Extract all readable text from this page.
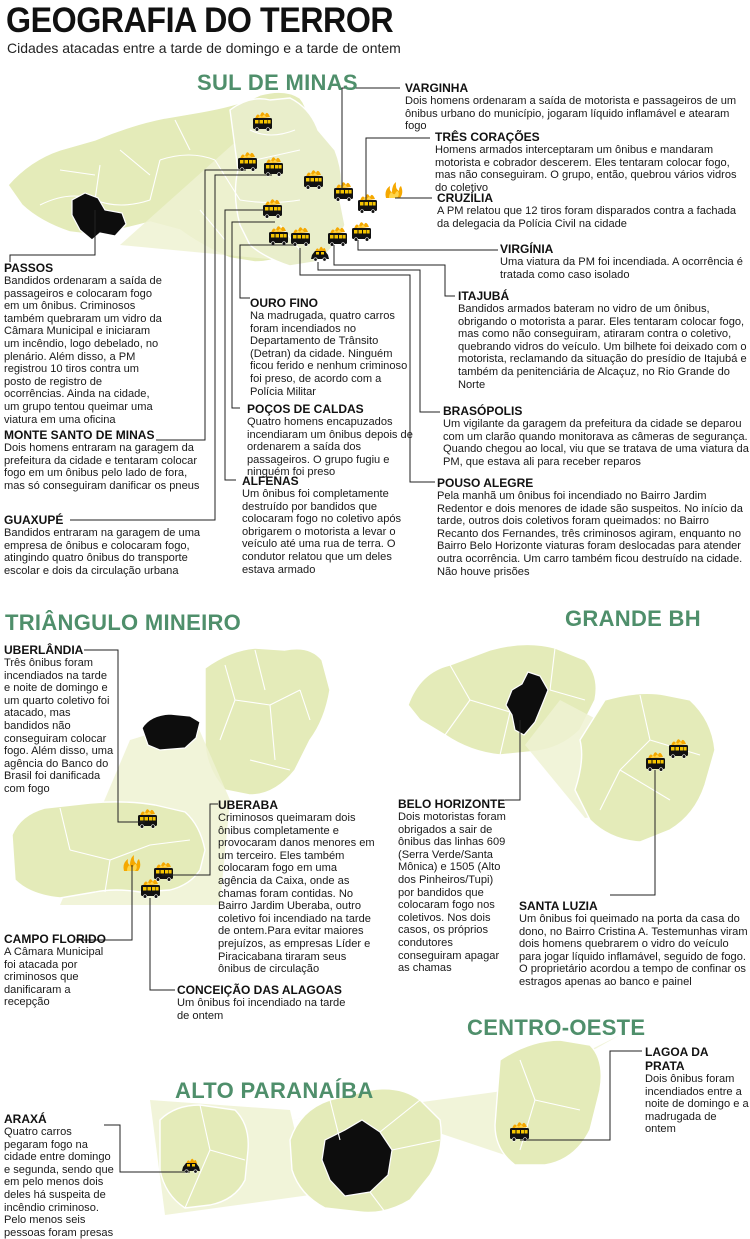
GEOGRAFIA DO TERROR
Cidades atacadas entre a tarde de domingo e a tarde de ontem
SUL DE MINAS
TRIÂNGULO MINEIRO	GRANDE BH
CENTRO-OESTE
ALTO PARANAÍBA
VARGINHA
Dois homens ordenaram a saída de motorista e passageiros de um ônibus urbano do município, jogaram líquido inflamável e atearam fogo
TRÊS CORAÇÕES
Homens armados interceptaram um ônibus e mandaram motorista e cobrador descerem. Eles tentaram colocar fogo, mas não conseguiram. O grupo, então, quebrou vários vidros do coletivo
CRUZÍLIA
A PM relatou que 12 tiros foram disparados contra a fachada da delegacia da Polícia Civil na cidade
VIRGÍNIA
Uma viatura da PM foi incendiada. A ocorrência é tratada como caso isolado
ITAJUBÁ
Bandidos armados bateram no vidro de um ônibus, obrigando o motorista a parar. Eles tentaram colocar fogo, mas como não conseguiram, atiraram contra o coletivo, quebrando vidros do veículo. Um bilhete foi deixado com o motorista, reclamando da situação do presídio de Itajubá e também da penitenciária de Alcaçuz, no Rio Grande do Norte
PASSOS
Bandidos ordenaram a saída de passageiros e colocaram fogo em um ônibus. Criminosos também quebraram um vidro da Câmara Municipal e iniciaram um incêndio, logo debelado, no plenário. Além disso, a PM registrou 10 tiros contra um posto de registro de ocorrências. Ainda na cidade, um grupo tentou queimar uma viatura em uma oficina
OURO FINO
Na madrugada, quatro carros foram incendiados no Departamento de Trânsito (Detran) da cidade. Ninguém ficou ferido e nenhum criminoso foi preso, de acordo com a Polícia Militar
POÇOS DE CALDAS
Quatro homens encapuzados incendiaram um ônibus depois de ordenarem a saída dos passageiros. O grupo fugiu e ninguém foi preso
MONTE SANTO DE MINAS
Dois homens entraram na garagem da prefeitura da cidade e tentaram colocar fogo em um ônibus pelo lado de fora, mas só conseguiram danificar os pneus
BRASÓPOLIS
Um vigilante da garagem da prefeitura da cidade se deparou com um clarão quando monitorava as câmeras de segurança. Quando chegou ao local, viu que se tratava de uma viatura da PM, que estava ali para receber reparos
ALFENAS
Um ônibus foi completamente destruído por bandidos que colocaram fogo no coletivo após obrigarem o motorista a levar o veículo até uma rua de terra. O condutor relatou que um deles estava armado
GUAXUPÉ
Bandidos entraram na garagem de uma empresa de ônibus e colocaram fogo, atingindo quatro ônibus do transporte escolar e dois da circulação urbana
POUSO ALEGRE
Pela manhã um ônibus foi incendiado no Bairro Jardim Redentor e dois menores de idade são suspeitos. No início da tarde, outros dois coletivos foram queimados: no Bairro Recanto dos Fernandes, três criminosos agiram, enquanto no Bairro Belo Horizonte viaturas foram deslocadas para atender outra ocorrência. Um carro também ficou destruído na cidade. Não houve prisões
UBERLÂNDIA
Três ônibus foram incendiados na tarde e noite de domingo e um quarto coletivo foi atacado, mas bandidos não conseguiram colocar fogo. Além disso, uma agência do Banco do Brasil foi danificada com fogo
UBERABA
Criminosos queimaram dois ônibus completamente e provocaram danos menores em um terceiro. Eles também colocaram fogo em uma agência da Caixa, onde as chamas foram contidas. No Bairro Jardim Uberaba, outro coletivo foi incendiado na tarde de ontem.Para evitar maiores prejuízos, as empresas Líder e Piracicabana tiraram seus ônibus de circulação
CAMPO FLORIDO
A Câmara Municipal foi atacada por criminosos que danificaram a recepção
CONCEIÇÃO DAS ALAGOAS
Um ônibus foi incendiado na tarde de ontem
BELO HORIZONTE
Dois motoristas foram obrigados a sair de ônibus das linhas 609 (Serra Verde/Santa Mônica) e 1505 (Alto dos Pinheiros/Tupi) por bandidos que colocaram fogo nos coletivos. Nos dois casos, os próprios condutores conseguiram apagar as chamas
SANTA LUZIA
Um ônibus foi queimado na porta da casa do dono, no Bairro Cristina A. Testemunhas viram dois homens quebrarem o vidro do veículo para jogar líquido inflamável, seguido de fogo. O proprietário acordou a tempo de confinar os estragos apenas ao banco e painel
LAGOA DA PRATA
Dois ônibus foram incendiados entre a noite de domingo e a madrugada de ontem
ARAXÁ
Quatro carros pegaram fogo na cidade entre domingo e segunda, sendo que em pelo menos dois deles há suspeita de incêndio criminoso. Pelo menos seis pessoas foram presas
